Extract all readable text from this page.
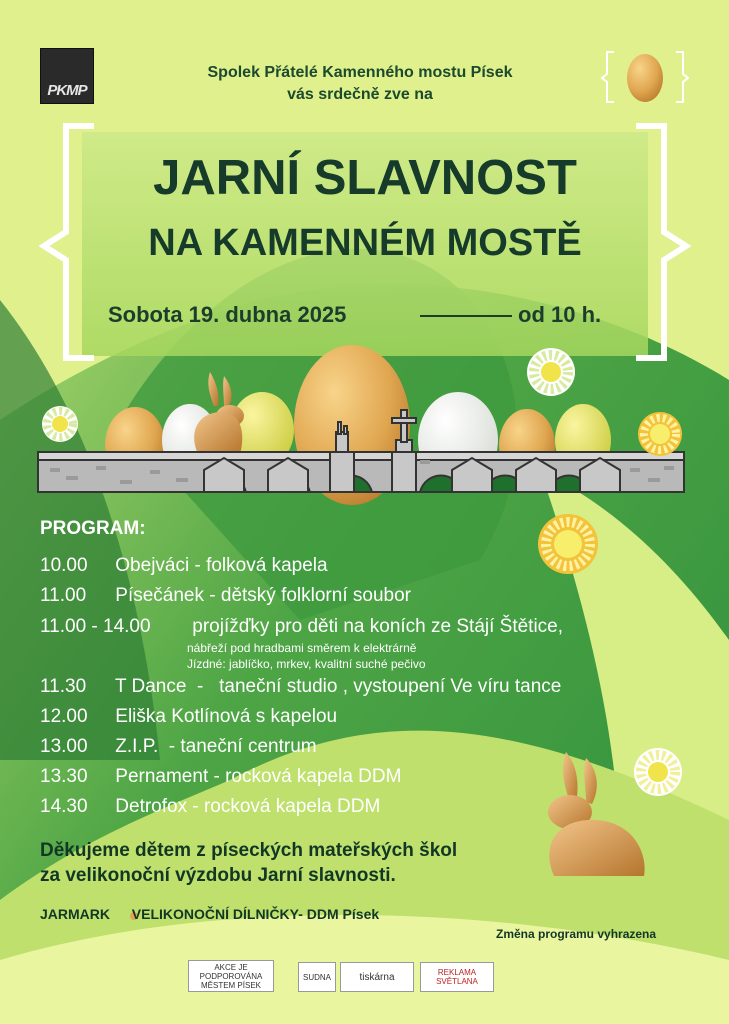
PKMP
Spolek Přátelé Kamenného mostu Písek
vás srdečně zve na
JARNÍ SLAVNOST
NA KAMENNÉM MOSTĚ
Sobota 19. dubna 2025	od 10 h.
PROGRAM:
10.00 Obejváci - folková kapela
11.00 Písečánek - dětský folklorní soubor
11.00 - 14.00 projížďky pro děti na koních ze Stájí Štětice,
nábřeží pod hradbami směrem k elektrárně
Jízdné: jablíčko, mrkev, kvalitní suché pečivo
11.30 T Dance  -   taneční studio , vystoupení Ve víru tance
12.00 Eliška Kotlínová s kapelou
13.00 Z.I.P.  - taneční centrum
13.30 Pernament - rocková kapela DDM
14.30 Detrofox - rocková kapela DDM
Děkujeme dětem z píseckých mateřských škol
za velikonoční výzdobu Jarní slavnosti.
JARMARK VELIKONOČNÍ DÍLNIČKY- DDM Písek
Změna programu vyhrazena
AKCE JE PODPOROVÁNA MĚSTEM PÍSEK
SUDNA	tiskárna	REKLAMA SVĚTLANA
